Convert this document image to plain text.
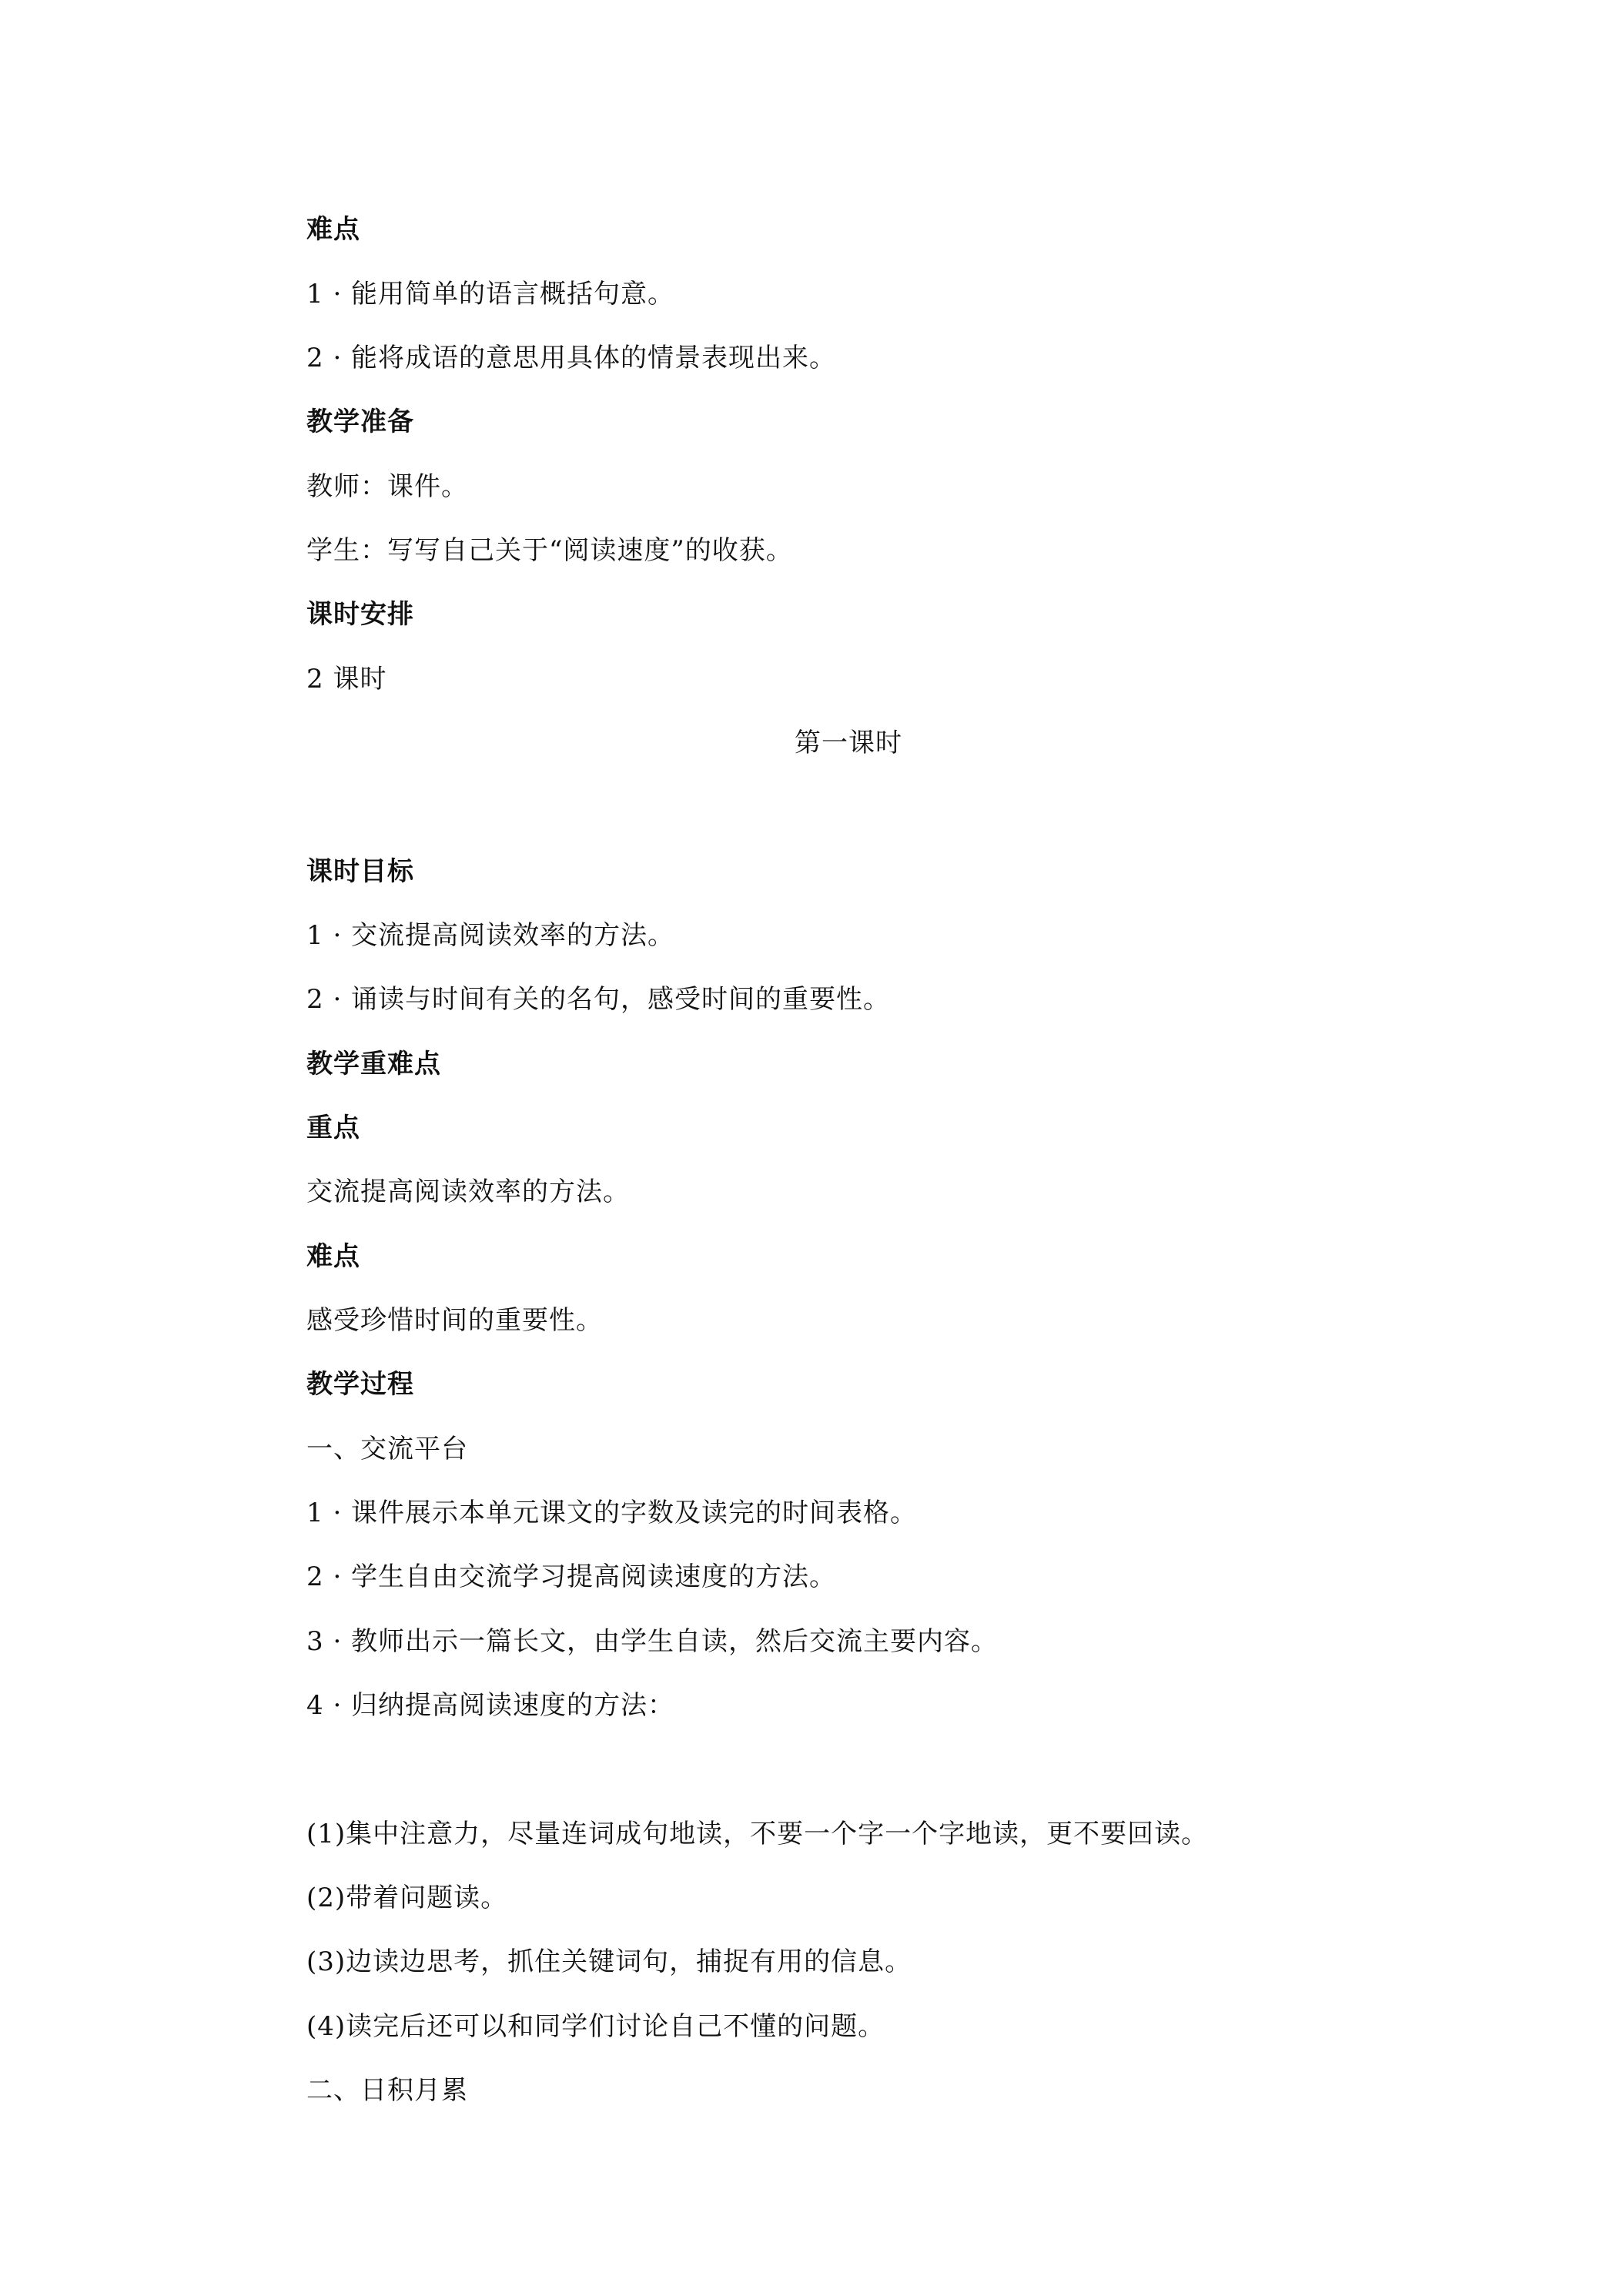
难点
1 · 能用简单的语言概括句意。
2 · 能将成语的意思用具体的情景表现出来。
教学准备
教师：课件。
学生：写写自己关于“阅读速度”的收获。
课时安排
2 课时
第一课时
课时目标
1 · 交流提高阅读效率的方法。
2 · 诵读与时间有关的名句，感受时间的重要性。
教学重难点
重点
交流提高阅读效率的方法。
难点
感受珍惜时间的重要性。
教学过程
一、交流平台
1 · 课件展示本单元课文的字数及读完的时间表格。
2 · 学生自由交流学习提高阅读速度的方法。
3 · 教师出示一篇长文，由学生自读，然后交流主要内容。
4 · 归纳提高阅读速度的方法：
(1)集中注意力，尽量连词成句地读，不要一个字一个字地读，更不要回读。
(2)带着问题读。
(3)边读边思考，抓住关键词句，捕捉有用的信息。
(4)读完后还可以和同学们讨论自己不懂的问题。
二、日积月累
